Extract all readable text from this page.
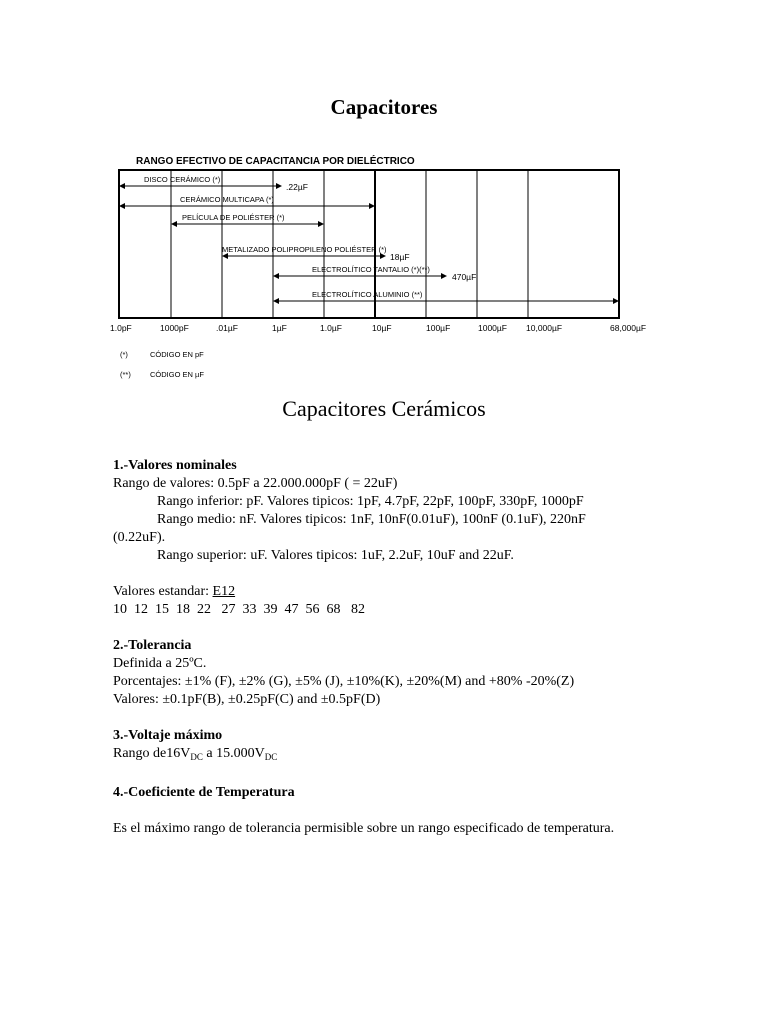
Capacitores
RANGO EFECTIVO DE CAPACITANCIA POR DIELÉCTRICO
DISCO CERÁMICO (*)
.22µF
CERÁMICO MULTICAPA (*)
PELÍCULA DE POLIÉSTER (*)
METALIZADO POLIPROPILENO POLIÉSTER (*)
18µF
ELECTROLÍTICO TANTALIO (*)(**)
470µF
ELECTROLÍTICO ALUMINIO (**)
1.0pF	1000pF	.01µF	1µF	1.0µF	10µF	100µF	1000µF 10,000µF	68,000µF
(*)	CÓDIGO EN pF
(**)	CÓDIGO EN µF
Capacitores Cerámicos
1.-Valores nominales
Rango de valores: 0.5pF a 22.000.000pF ( = 22uF)
Rango inferior: pF. Valores tipicos: 1pF, 4.7pF, 22pF, 100pF, 330pF, 1000pF
Rango medio: nF. Valores tipicos: 1nF, 10nF(0.01uF), 100nF (0.1uF), 220nF
(0.22uF).
Rango superior: uF. Valores tipicos: 1uF, 2.2uF, 10uF and 22uF.
Valores estandar: E12
10  12  15  18  22   27  33  39  47  56  68   82
2.-Tolerancia
Definida a 25ºC.
Porcentajes: ±1% (F), ±2% (G), ±5% (J), ±10%(K), ±20%(M) and +80% -20%(Z)
Valores: ±0.1pF(B), ±0.25pF(C) and ±0.5pF(D)
3.-Voltaje máximo
Rango $de16V_{DC}$ a $15.000V_{DC}$
4.-Coeficiente de Temperatura
Es el máximo rango de tolerancia permisible sobre un rango especificado de temperatura.
